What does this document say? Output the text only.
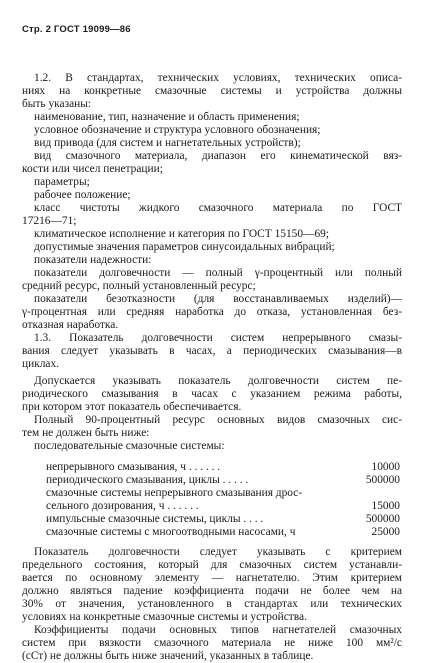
Стр. 2 ГОСТ 19099—86
1.2. В стандартах, технических условиях, технических описа-
ниях на конкретные смазочные системы и устройства должны
быть указаны:
наименование, тип, назначение и область применения;
условное обозначение и структура условного обозначения;
вид привода (для систем и нагнетательных устройств);
вид смазочного материала, диапазон его кинематической вяз-
кости или чисел пенетрации;
параметры;
рабочее положение;
класс чистоты жидкого смазочного материала по ГОСТ
17216—71;
климатическое исполнение и категория по ГОСТ 15150—69;
допустимые значения параметров синусоидальных вибраций;
показатели надежности:
показатели долговечности — полный γ-процентный или полный
средний ресурс, полный установленный ресурс;
показатели безотказности (для восстанавливаемых изделий)—
γ-процентная или средняя наработка до отказа, установленная без-
отказная наработка.
1.3. Показатель долговечности систем непрерывного смазы-
вания следует указывать в часах, а периодических смазывания—в
циклах.
Допускается указывать показатель долговечности систем пе-
риодического смазывания в часах с указанием режима работы,
при котором этот показатель обеспечивается.
Полный 90-процентный ресурс основных видов смазочных сис-
тем не должен быть ниже:
последовательные смазочные системы:
непрерывного смазывания, ч . . . . . .	10000
периодического смазывания, циклы . . . . .	500000
смазочные системы непрерывного смазывания дрос-
сельного дозирования, ч . . . . . .	15000
импульсные смазочные системы, циклы . . . .	500000
смазочные системы с многоотводными насосами, ч	25000
Показатель долговечности следует указывать с критерием
предельного состояния, который для смазочных систем устанавли-
вается по основному элементу — нагнетателю. Этим критерием
должно являться падение коэффициента подачи не более чем на
30% от значения, установленного в стандартах или технических
условиях на конкретные смазочные системы и устройства.
Коэффициенты подачи основных типов нагнетателей смазочных
систем при вязкости смазочного материала не ниже 100 мм²/с
(сСт) не должны быть ниже значений, указанных в таблице.
